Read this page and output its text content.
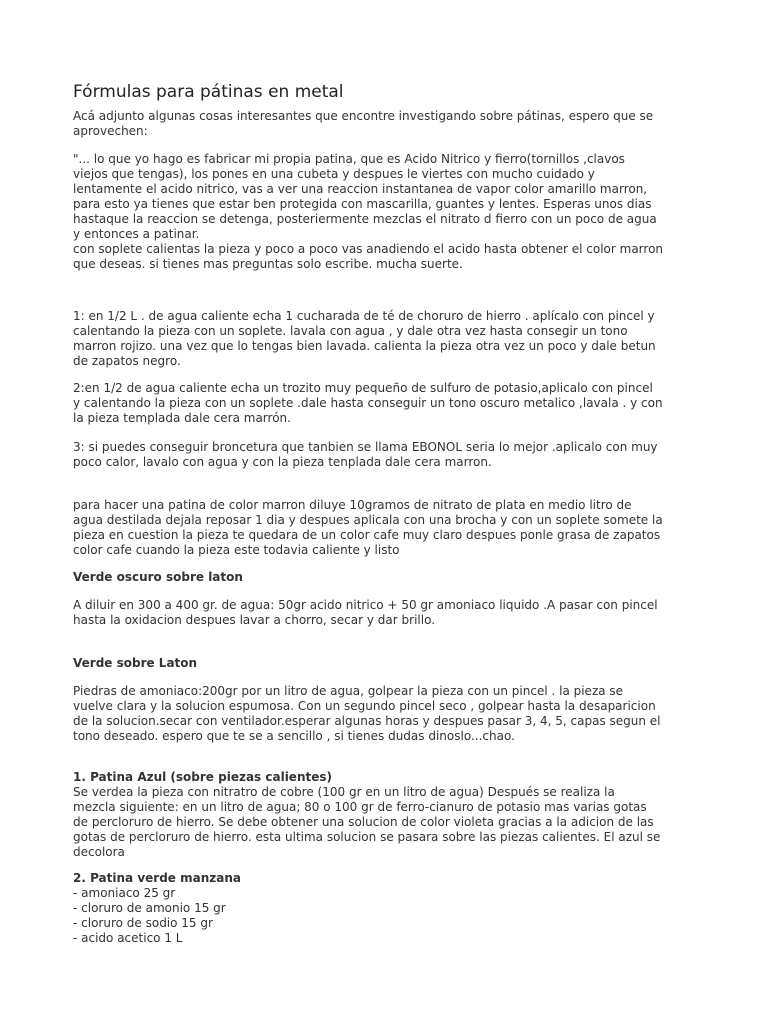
Fórmulas para pátinas en metal
Acá adjunto algunas cosas interesantes que encontre investigando sobre pátinas, espero que se
aprovechen:
"... lo que yo hago es fabricar mi propia patina, que es Acido Nitrico y fierro(tornillos ,clavos
viejos que tengas), los pones en una cubeta y despues le viertes con mucho cuidado y
lentamente el acido nitrico, vas a ver una reaccion instantanea de vapor color amarillo marron,
para esto ya tienes que estar ben protegida con mascarilla, guantes y lentes. Esperas unos dias
hastaque la reaccion se detenga, posteriermente mezclas el nitrato d fierro con un poco de agua
y entonces a patinar.
con soplete calientas la pieza y poco a poco vas anadiendo el acido hasta obtener el color marron
que deseas. si tienes mas preguntas solo escribe. mucha suerte.
1: en 1/2 L . de agua caliente echa 1 cucharada de té de choruro de hierro . aplícalo con pincel y
calentando la pieza con un soplete. lavala con agua , y dale otra vez hasta consegir un tono
marron rojizo. una vez que lo tengas bien lavada. calienta la pieza otra vez un poco y dale betun
de zapatos negro.
2:en 1/2 de agua caliente echa un trozito muy pequeño de sulfuro de potasio,aplicalo con pincel
y calentando la pieza con un soplete .dale hasta conseguir un tono oscuro metalico ,lavala . y con
la pieza templada dale cera marrón.
3: si puedes conseguir broncetura que tanbien se llama EBONOL seria lo mejor .aplicalo con muy
poco calor, lavalo con agua y con la pieza tenplada dale cera marron.
para hacer una patina de color marron diluye 10gramos de nitrato de plata en medio litro de
agua destilada dejala reposar 1 dia y despues aplicala con una brocha y con un soplete somete la
pieza en cuestion la pieza te quedara de un color cafe muy claro despues ponle grasa de zapatos
color cafe cuando la pieza este todavia caliente y listo
Verde oscuro sobre laton
A diluir en 300 a 400 gr. de agua: 50gr acido nitrico + 50 gr amoniaco liquido .A pasar con pincel
hasta la oxidacion despues lavar a chorro, secar y dar brillo.
Verde sobre Laton
Piedras de amoniaco:200gr por un litro de agua, golpear la pieza con un pincel . la pieza se
vuelve clara y la solucion espumosa. Con un segundo pincel seco , golpear hasta la desaparicion
de la solucion.secar con ventilador.esperar algunas horas y despues pasar 3, 4, 5, capas segun el
tono deseado. espero que te se a sencillo , si tienes dudas dinoslo...chao.
1. Patina Azul (sobre piezas calientes)
Se verdea la pieza con nitratro de cobre (100 gr en un litro de agua) Después se realiza la
mezcla siguiente: en un litro de agua; 80 o 100 gr de ferro-cianuro de potasio mas varias gotas
de percloruro de hierro. Se debe obtener una solucion de color violeta gracias a la adicion de las
gotas de percloruro de hierro. esta ultima solucion se pasara sobre las piezas calientes. El azul se
decolora
2. Patina verde manzana
- amoniaco 25 gr
- cloruro de amonio 15 gr
- cloruro de sodio 15 gr
- acido acetico 1 L
